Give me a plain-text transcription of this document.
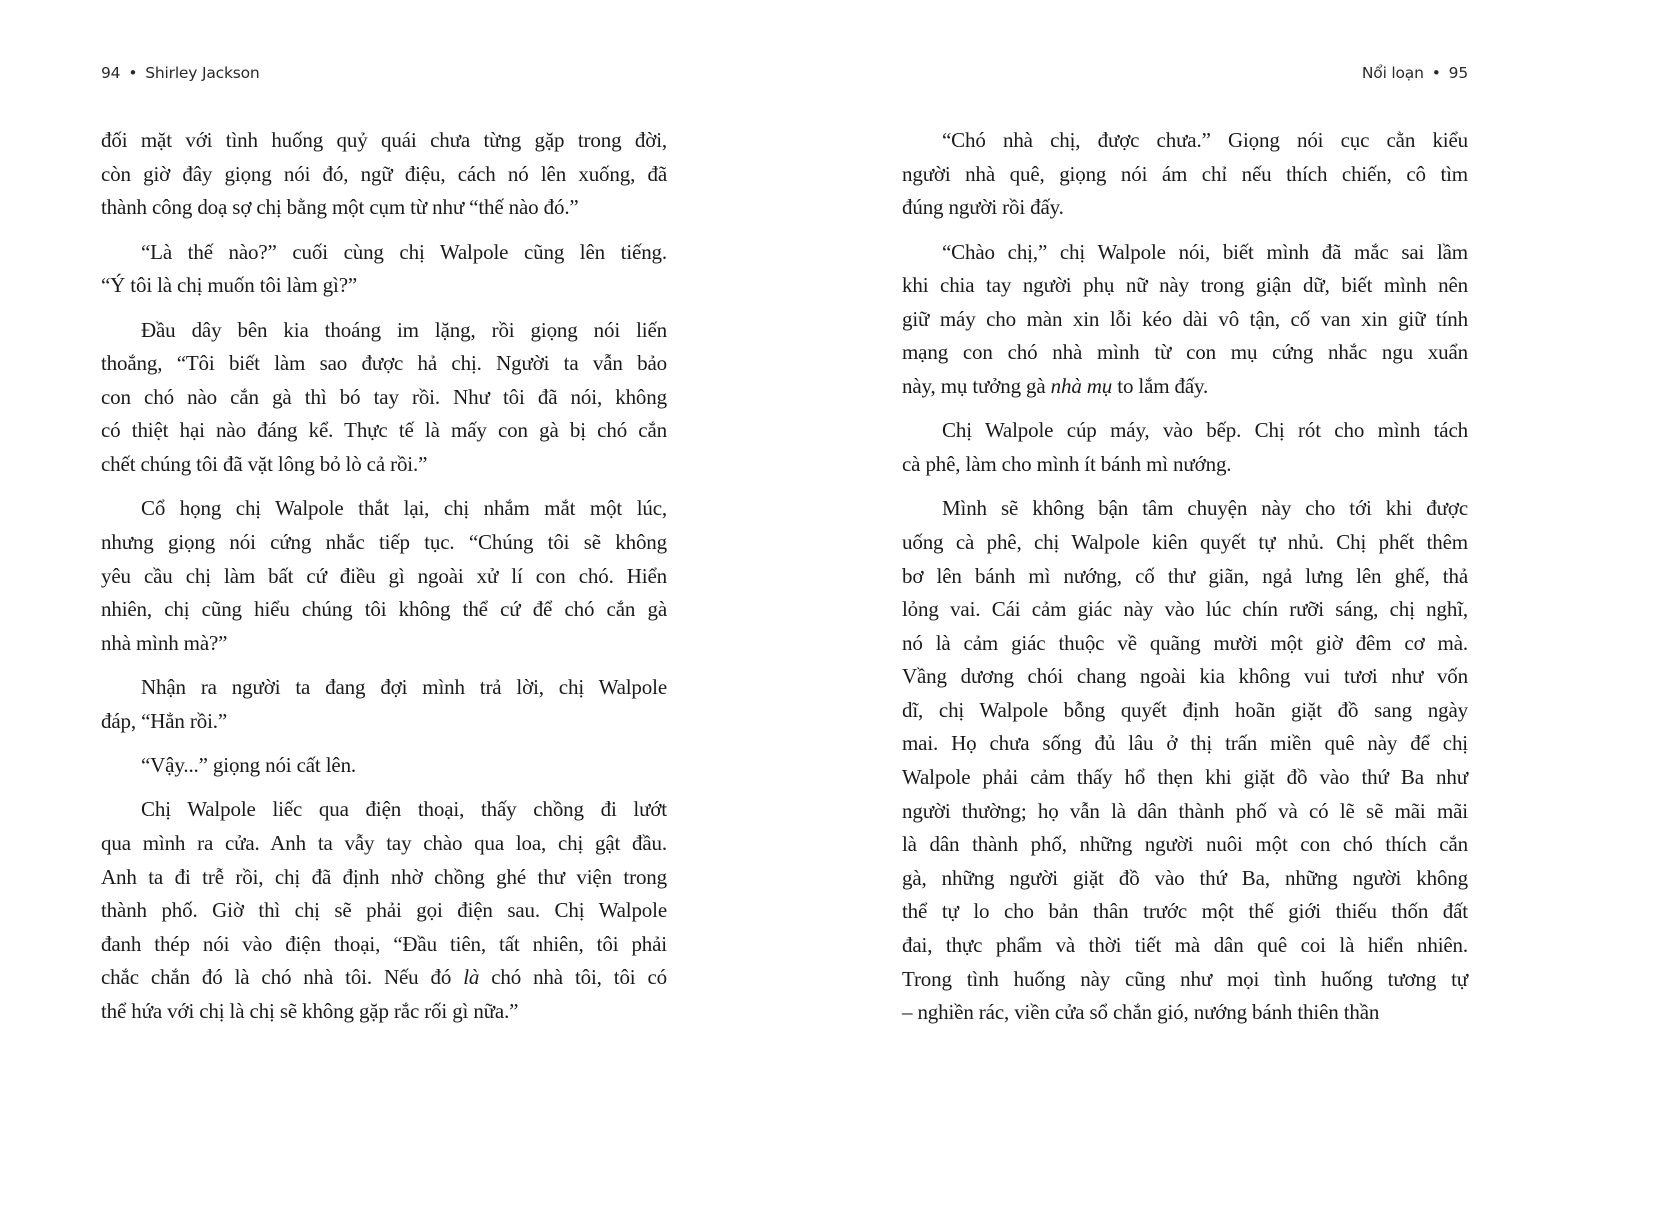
94 • Shirley Jackson
đối mặt với tình huống quỷ quái chưa từng gặp trong đời,
còn giờ đây giọng nói đó, ngữ điệu, cách nó lên xuống, đã
thành công doạ sợ chị bằng một cụm từ như “thế nào đó.”
“Là thế nào?” cuối cùng chị Walpole cũng lên tiếng.
“Ý tôi là chị muốn tôi làm gì?”
Đầu dây bên kia thoáng im lặng, rồi giọng nói liến
thoắng, “Tôi biết làm sao được hả chị. Người ta vẫn bảo
con chó nào cắn gà thì bó tay rồi. Như tôi đã nói, không
có thiệt hại nào đáng kể. Thực tế là mấy con gà bị chó cắn
chết chúng tôi đã vặt lông bỏ lò cả rồi.”
Cổ họng chị Walpole thắt lại, chị nhắm mắt một lúc,
nhưng giọng nói cứng nhắc tiếp tục. “Chúng tôi sẽ không
yêu cầu chị làm bất cứ điều gì ngoài xử lí con chó. Hiển
nhiên, chị cũng hiểu chúng tôi không thể cứ để chó cắn gà
nhà mình mà?”
Nhận ra người ta đang đợi mình trả lời, chị Walpole
đáp, “Hẳn rồi.”
“Vậy...” giọng nói cất lên.
Chị Walpole liếc qua điện thoại, thấy chồng đi lướt
qua mình ra cửa. Anh ta vẫy tay chào qua loa, chị gật đầu.
Anh ta đi trễ rồi, chị đã định nhờ chồng ghé thư viện trong
thành phố. Giờ thì chị sẽ phải gọi điện sau. Chị Walpole
đanh thép nói vào điện thoại, “Đầu tiên, tất nhiên, tôi phải
chắc chắn đó là chó nhà tôi. Nếu đó là chó nhà tôi, tôi có
thể hứa với chị là chị sẽ không gặp rắc rối gì nữa.”
Nổi loạn • 95
“Chó nhà chị, được chưa.” Giọng nói cục cằn kiểu
người nhà quê, giọng nói ám chỉ nếu thích chiến, cô tìm
đúng người rồi đấy.
“Chào chị,” chị Walpole nói, biết mình đã mắc sai lầm
khi chia tay người phụ nữ này trong giận dữ, biết mình nên
giữ máy cho màn xin lỗi kéo dài vô tận, cố van xin giữ tính
mạng con chó nhà mình từ con mụ cứng nhắc ngu xuẩn
này, mụ tưởng gà nhà mụ to lắm đấy.
Chị Walpole cúp máy, vào bếp. Chị rót cho mình tách
cà phê, làm cho mình ít bánh mì nướng.
Mình sẽ không bận tâm chuyện này cho tới khi được
uống cà phê, chị Walpole kiên quyết tự nhủ. Chị phết thêm
bơ lên bánh mì nướng, cố thư giãn, ngả lưng lên ghế, thả
lỏng vai. Cái cảm giác này vào lúc chín rưỡi sáng, chị nghĩ,
nó là cảm giác thuộc về quãng mười một giờ đêm cơ mà.
Vầng dương chói chang ngoài kia không vui tươi như vốn
dĩ, chị Walpole bỗng quyết định hoãn giặt đồ sang ngày
mai. Họ chưa sống đủ lâu ở thị trấn miền quê này để chị
Walpole phải cảm thấy hổ thẹn khi giặt đồ vào thứ Ba như
người thường; họ vẫn là dân thành phố và có lẽ sẽ mãi mãi
là dân thành phố, những người nuôi một con chó thích cắn
gà, những người giặt đồ vào thứ Ba, những người không
thể tự lo cho bản thân trước một thế giới thiếu thốn đất
đai, thực phẩm và thời tiết mà dân quê coi là hiển nhiên.
Trong tình huống này cũng như mọi tình huống tương tự
– nghiền rác, viền cửa sổ chắn gió, nướng bánh thiên thần
